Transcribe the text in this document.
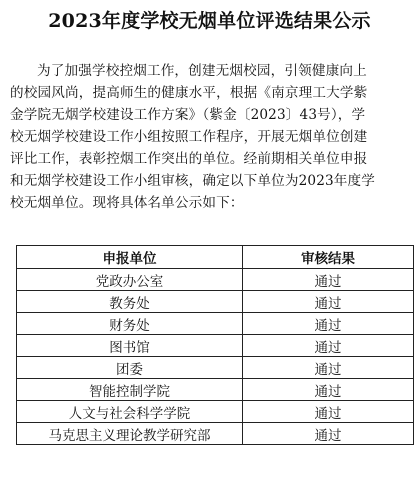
2023年度学校无烟单位评选结果公示
为了加强学校控烟工作，创建无烟校园，引领健康向上
的校园风尚，提高师生的健康水平，根据《南京理工大学紫
金学院无烟学校建设工作方案》（紫金〔2023〕43号），学
校无烟学校建设工作小组按照工作程序，开展无烟单位创建
评比工作，表彰控烟工作突出的单位。经前期相关单位申报
和无烟学校建设工作小组审核，确定以下单位为2023年度学
校无烟单位。现将具体名单公示如下：
申报单位	审核结果
党政办公室	通过
教务处	通过
财务处	通过
图书馆	通过
团委	通过
智能控制学院	通过
人文与社会科学学院	通过
马克思主义理论教学研究部	通过
